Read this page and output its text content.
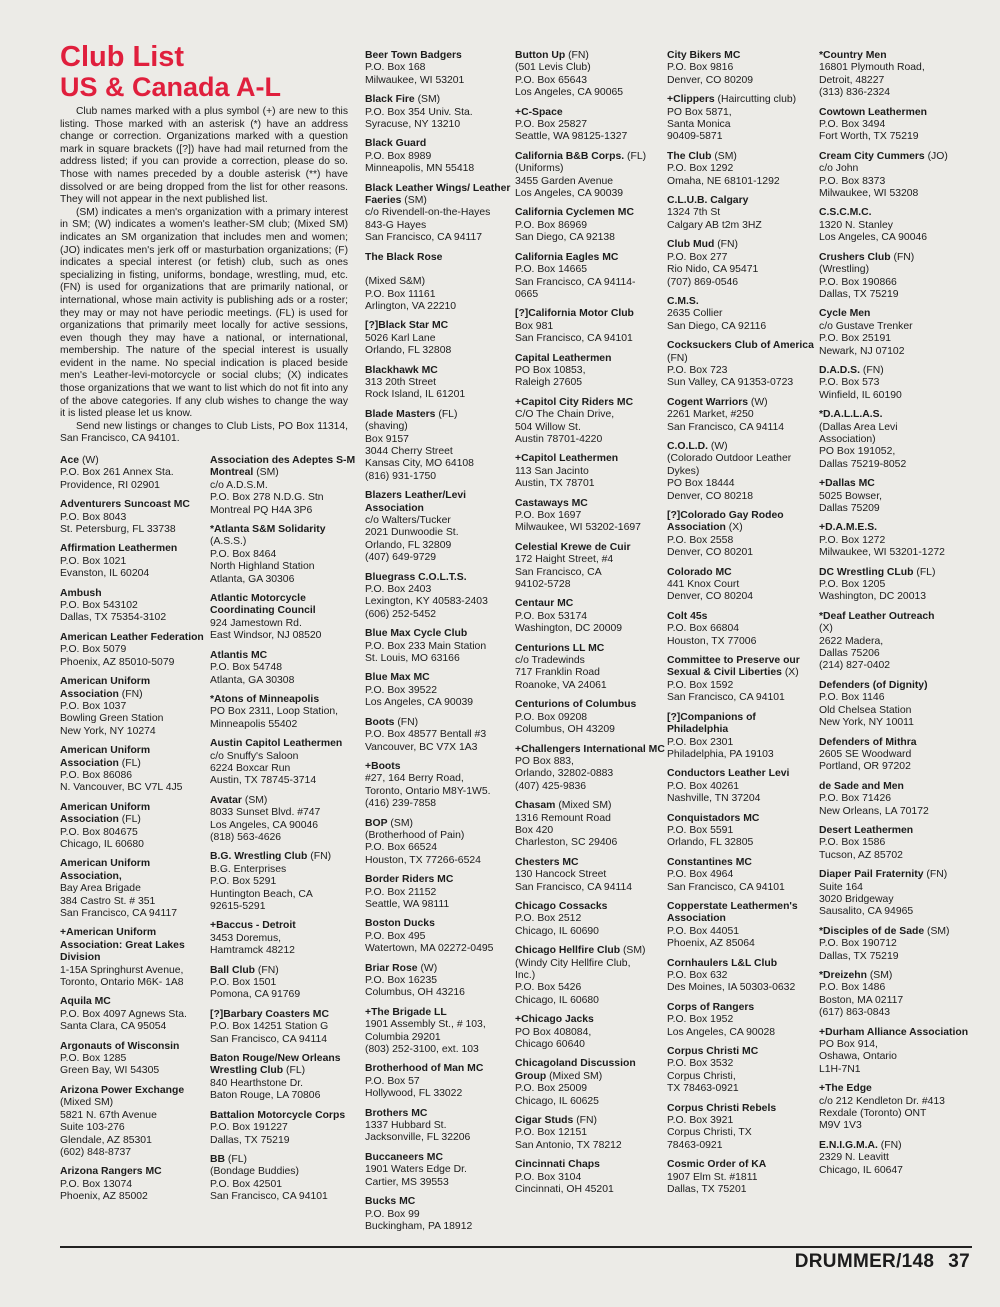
Club List
US & Canada A-L

Club names marked with a plus symbol (+) are new to this listing. Those marked with an asterisk (*) have an address change or correction. Organizations marked with a question mark in square brackets ([?]) have had mail returned from the address listed; if you can provide a correction, please do so. Those with names preceded by a double asterisk (**) have dissolved or are being dropped from the list for other reasons. They will not appear in the next published list.

(SM) indicates a men's organization with a primary interest in SM; (W) indicates a women's leather-SM club; (Mixed SM) indicates an SM organization that includes men and women; (JO) indicates men's jerk off or masturbation organizations; (F) indicates a special interest (or fetish) club, such as ones specializing in fisting, uniforms, bondage, wrestling, mud, etc. (FN) is used for organizations that are primarily national, or international, whose main activity is publishing ads or a roster; they may or may not have periodic meetings. (FL) is used for organizations that primarily meet locally for active sessions, even though they may have a national, or international, membership. The nature of the special interest is usually evident in the name. No special indication is placed beside men's Leather-levi-motorcycle or social clubs; (X) indicates those organizations that we want to list which do not fit into any of the above categories. If any club wishes to change the way it is listed please let us know.

Send new listings or changes to Club Lists, PO Box 11314, San Francisco, CA 94101.

Ace (W)
P.O. Box 261 Annex Sta.
Providence, RI 02901
Adventurers Suncoast MC
P.O. Box 8043
St. Petersburg, FL 33738
Affirmation Leathermen
P.O. Box 1021
Evanston, IL 60204
Ambush
P.O. Box 543102
Dallas, TX 75354-3102
American Leather Federation
P.O. Box 5079
Phoenix, AZ 85010-5079
American Uniform Association (FN)
P.O. Box 1037
Bowling Green Station
New York, NY 10274
American Uniform Association (FL)
P.O. Box 86086
N. Vancouver, BC V7L 4J5
American Uniform Association (FL)
P.O. Box 804675
Chicago, IL 60680
American Uniform Association,
Bay Area Brigade
384 Castro St. # 351
San Francisco, CA 94117
+American Uniform Association: Great Lakes Division
1-15A Springhurst Avenue,
Toronto, Ontario M6K- 1A8
Aquila MC
P.O. Box 4097 Agnews Sta.
Santa Clara, CA 95054
Argonauts of Wisconsin
P.O. Box 1285
Green Bay, WI 54305
Arizona Power Exchange
(Mixed SM)
5821 N. 67th Avenue
Suite 103-276
Glendale, AZ 85301
(602) 848-8737
Arizona Rangers MC
P.O. Box 13074
Phoenix, AZ 85002
Association des Adeptes S-M Montreal (SM)
c/o A.D.S.M.
P.O. Box 278 N.D.G. Stn
Montreal PQ H4A 3P6
*Atlanta S&M Solidarity
(A.S.S.)
P.O. Box 8464
North Highland Station
Atlanta, GA 30306
Atlantic Motorcycle Coordinating Council
924 Jamestown Rd.
East Windsor, NJ 08520
Atlantis MC
P.O. Box 54748
Atlanta, GA 30308
*Atons of Minneapolis
PO Box 2311, Loop Station,
Minneapolis 55402
Austin Capitol Leathermen
c/o Snuffy's Saloon
6224 Boxcar Run
Austin, TX 78745-3714
Avatar (SM)
8033 Sunset Blvd. #747
Los Angeles, CA 90046
(818) 563-4626
B.G. Wrestling Club (FN)
B.G. Enterprises
P.O. Box 5291
Huntington Beach, CA
92615-5291
+Baccus - Detroit
3453 Doremus,
Hamtramck 48212
Ball Club (FN)
P.O. Box 1501
Pomona, CA 91769
[?]Barbary Coasters MC
P.O. Box 14251 Station G
San Francisco, CA 94114
Baton Rouge/New Orleans Wrestling Club (FL)
840 Hearthstone Dr.
Baton Rouge, LA 70806
Battalion Motorcycle Corps
P.O. Box 191227
Dallas, TX 75219
BB (FL)
(Bondage Buddies)
P.O. Box 42501
San Francisco, CA 94101
Beer Town Badgers
P.O. Box 168
Milwaukee, WI 53201
Black Fire (SM)
P.O. Box 354 Univ. Sta.
Syracuse, NY 13210
Black Guard
P.O. Box 8989
Minneapolis, MN 55418
Black Leather Wings/ Leather Faeries (SM)
c/o Rivendell-on-the-Hayes
843-G Hayes
San Francisco, CA 94117
The Black Rose
(Mixed S&M)
P.O. Box 11161
Arlington, VA 22210
[?]Black Star MC
5026 Karl Lane
Orlando, FL 32808
Blackhawk MC
313 20th Street
Rock Island, IL 61201
Blade Masters (FL)
(shaving)
Box 9157
3044 Cherry Street
Kansas City, MO 64108
(816) 931-1750
Blazers Leather/Levi Association
c/o Walters/Tucker
2021 Dunwoodie St.
Orlando, FL 32809
(407) 649-9729
Bluegrass C.O.L.T.S.
P.O. Box 2403
Lexington, KY 40583-2403
(606) 252-5452
Blue Max Cycle Club
P.O. Box 233 Main Station
St. Louis, MO 63166
Blue Max MC
P.O. Box 39522
Los Angeles, CA 90039
Boots (FN)
P.O. Box 48577 Bentall #3
Vancouver, BC V7X 1A3
+Boots
#27, 164 Berry Road,
Toronto, Ontario M8Y-1W5.
(416) 239-7858
BOP (SM)
(Brotherhood of Pain)
P.O. Box 66524
Houston, TX 77266-6524
Border Riders MC
P.O. Box 21152
Seattle, WA 98111
Boston Ducks
P.O. Box 495
Watertown, MA 02272-0495
Briar Rose (W)
P.O. Box 16235
Columbus, OH 43216
+The Brigade LL
1901 Assembly St., # 103,
Columbia 29201
(803) 252-3100, ext. 103
Brotherhood of Man MC
P.O. Box 57
Hollywood, FL 33022
Brothers MC
1337 Hubbard St.
Jacksonville, FL 32206
Buccaneers MC
1901 Waters Edge Dr.
Cartier, MS 39553
Bucks MC
P.O. Box 99
Buckingham, PA 18912
Button Up (FN)
(501 Levis Club)
P.O. Box 65643
Los Angeles, CA 90065
+C-Space
P.O. Box 25827
Seattle, WA 98125-1327
California B&B Corps. (FL)
(Uniforms)
3455 Garden Avenue
Los Angeles, CA 90039
California Cyclemen MC
P.O. Box 86969
San Diego, CA 92138
California Eagles MC
P.O. Box 14665
San Francisco, CA 94114-
0665
[?]California Motor Club
Box 981
San Francisco, CA 94101
Capital Leathermen
PO Box 10853,
Raleigh 27605
+Capitol City Riders MC
C/O The Chain Drive,
504 Willow St.
Austin 78701-4220
+Capitol Leathermen
113 San Jacinto
Austin, TX 78701
Castaways MC
P.O. Box 1697
Milwaukee, WI 53202-1697
Celestial Krewe de Cuir
172 Haight Street, #4
San Francisco, CA
94102-5728
Centaur MC
P.O. Box 53174
Washington, DC 20009
Centurions LL MC
c/o Tradewinds
717 Franklin Road
Roanoke, VA 24061
Centurions of Columbus
P.O. Box 09208
Columbus, OH 43209
+Challengers International MC
PO Box 883,
Orlando, 32802-0883
(407) 425-9836
Chasam (Mixed SM)
1316 Remount Road
Box 420
Charleston, SC 29406
Chesters MC
130 Hancock Street
San Francisco, CA 94114
Chicago Cossacks
P.O. Box 2512
Chicago, IL 60690
Chicago Hellfire Club (SM)
(Windy City Hellfire Club,
Inc.)
P.O. Box 5426
Chicago, IL 60680
+Chicago Jacks
PO Box 408084,
Chicago 60640
Chicagoland Discussion Group (Mixed SM)
P.O. Box 25009
Chicago, IL 60625
Cigar Studs (FN)
P.O. Box 12151
San Antonio, TX 78212
Cincinnati Chaps
P.O. Box 3104
Cincinnati, OH 45201
City Bikers MC
P.O. Box 9816
Denver, CO 80209
+Clippers (Haircutting club)
PO Box 5871,
Santa Monica
90409-5871
The Club (SM)
P.O. Box 1292
Omaha, NE 68101-1292
C.L.U.B. Calgary
1324 7th St
Calgary AB t2m 3HZ
Club Mud (FN)
P.O. Box 277
Rio Nido, CA 95471
(707) 869-0546
C.M.S.
2635 Collier
San Diego, CA 92116
Cocksuckers Club of America (FN)
P.O. Box 723
Sun Valley, CA 91353-0723
Cogent Warriors (W)
2261 Market, #250
San Francisco, CA 94114
C.O.L.D. (W)
(Colorado Outdoor Leather
Dykes)
PO Box 18444
Denver, CO 80218
[?]Colorado Gay Rodeo Association (X)
P.O. Box 2558
Denver, CO 80201
Colorado MC
441 Knox Court
Denver, CO 80204
Colt 45s
P.O. Box 66804
Houston, TX 77006
Committee to Preserve our Sexual & Civil Liberties (X)
P.O. Box 1592
San Francisco, CA 94101
[?]Companions of Philadelphia
P.O. Box 2301
Philadelphia, PA 19103
Conductors Leather Levi
P.O. Box 40261
Nashville, TN 37204
Conquistadors MC
P.O. Box 5591
Orlando, FL 32805
Constantines MC
P.O. Box 4964
San Francisco, CA 94101
Copperstate Leathermen's Association
P.O. Box 44051
Phoenix, AZ 85064
Cornhaulers L&L Club
P.O. Box 632
Des Moines, IA 50303-0632
Corps of Rangers
P.O. Box 1952
Los Angeles, CA 90028
Corpus Christi MC
P.O. Box 3532
Corpus Christi,
TX 78463-0921
Corpus Christi Rebels
P.O. Box 3921
Corpus Christi, TX
78463-0921
Cosmic Order of KA
1907 Elm St. #1811
Dallas, TX 75201
*Country Men
16801 Plymouth Road,
Detroit, 48227
(313) 836-2324
Cowtown Leathermen
P.O. Box 3494
Fort Worth, TX 75219
Cream City Cummers (JO)
c/o John
P.O. Box 8373
Milwaukee, WI 53208
C.S.C.M.C.
1320 N. Stanley
Los Angeles, CA 90046
Crushers Club (FN)
(Wrestling)
P.O. Box 190866
Dallas, TX 75219
Cycle Men
c/o Gustave Trenker
P.O. Box 25191
Newark, NJ 07102
D.A.D.S. (FN)
P.O. Box 573
Winfield, IL 60190
*D.A.L.L.A.S.
(Dallas Area Levi
Association)
PO Box 191052,
Dallas 75219-8052
+Dallas MC
5025 Bowser,
Dallas 75209
+D.A.M.E.S.
P.O. Box 1272
Milwaukee, WI 53201-1272
DC Wrestling CLub (FL)
P.O. Box 1205
Washington, DC 20013
*Deaf Leather Outreach
(X)
2622 Madera,
Dallas 75206
(214) 827-0402
Defenders (of Dignity)
P.O. Box 1146
Old Chelsea Station
New York, NY 10011
Defenders of Mithra
2605 SE Woodward
Portland, OR 97202
de Sade and Men
P.O. Box 71426
New Orleans, LA 70172
Desert Leathermen
P.O. Box 1586
Tucson, AZ 85702
Diaper Pail Fraternity (FN)
Suite 164
3020 Bridgeway
Sausalito, CA 94965
*Disciples of de Sade (SM)
P.O. Box 190712
Dallas, TX 75219
*Dreizehn (SM)
P.O. Box 1486
Boston, MA 02117
(617) 863-0843
+Durham Alliance Association
PO Box 914,
Oshawa, Ontario
L1H-7N1
+The Edge
c/o 212 Kendleton Dr. #413
Rexdale (Toronto) ONT
M9V 1V3
E.N.I.G.M.A. (FN)
2329 N. Leavitt
Chicago, IL 60647
DRUMMER/148 37
